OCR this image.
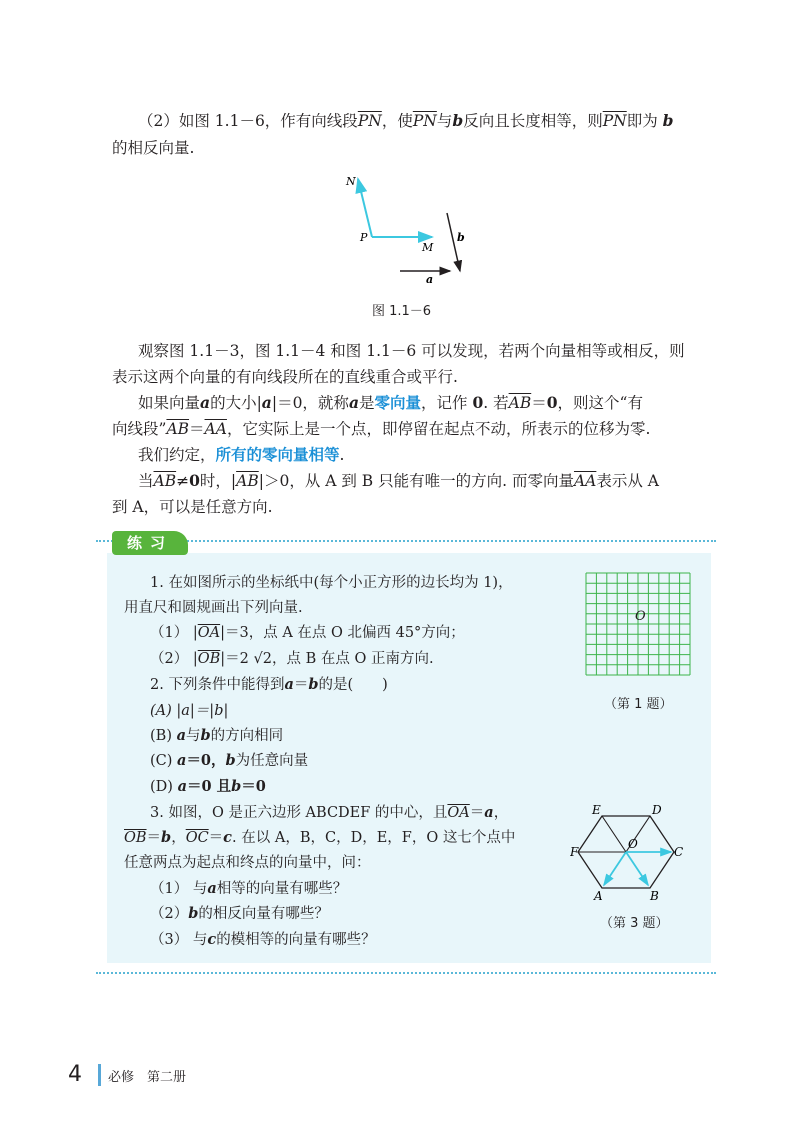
（2）如图 1.1－6，作有向线段$\overline{PN}$，使$\overline{PN}$与b反向且长度相等，则$\overline{PN}$即为 b

的相反向量.

N
P
M
b
a
图 1.1－6

观察图 1.1－3，图 1.1－4 和图 1.1－6 可以发现，若两个向量相等或相反，则

表示这两个向量的有向线段所在的直线重合或平行.

如果向量a的大小|a|＝0，就称a是零向量，记作 0. 若$\overline{AB}=0$，则这个“有

向线段$”\overline{AB}=\overline{AA}$，它实际上是一个点，即停留在起点不动，所表示的位移为零.

我们约定，所有的零向量相等.

当$\overline{AB}\ne 0$时，$|\overline{AB}|>0$，从 A 到 B 只能有唯一的方向. 而零向量$\overline{AA}$表示从 A

到 A，可以是任意方向.

练习
1. 在如图所示的坐标纸中(每个小正方形的边长均为 1)，
用直尺和圆规画出下列向量.
（1） $|\overline{OA}|=3$，点 A 在点 O 北偏西 45°方向；
（2） $|\overline{OB}|=2$ √2，点 B 在点 O 正南方向.
O
（第 1 题）
2. 下列条件中能得到a＝b的是(　　)
(A) |a|＝|b|
(B) a与b的方向相同
(C) a＝0，b为任意向量
(D) a＝0 且b＝0
3. 如图，O 是正六边形 ABCDEF 的中心，且$\overline{OA}=a$，
$\overline{OB}=b$，$\overline{OC}=c$. 在以 A，B，C，D，E，F，O 这七个点中
任意两点为起点和终点的向量中，问：
（1） 与a相等的向量有哪些？
（2）b的相反向量有哪些？
（3） 与c的模相等的向量有哪些？
E	D
F
O
C
A	B
（第 3 题）
4 必修　第二册
